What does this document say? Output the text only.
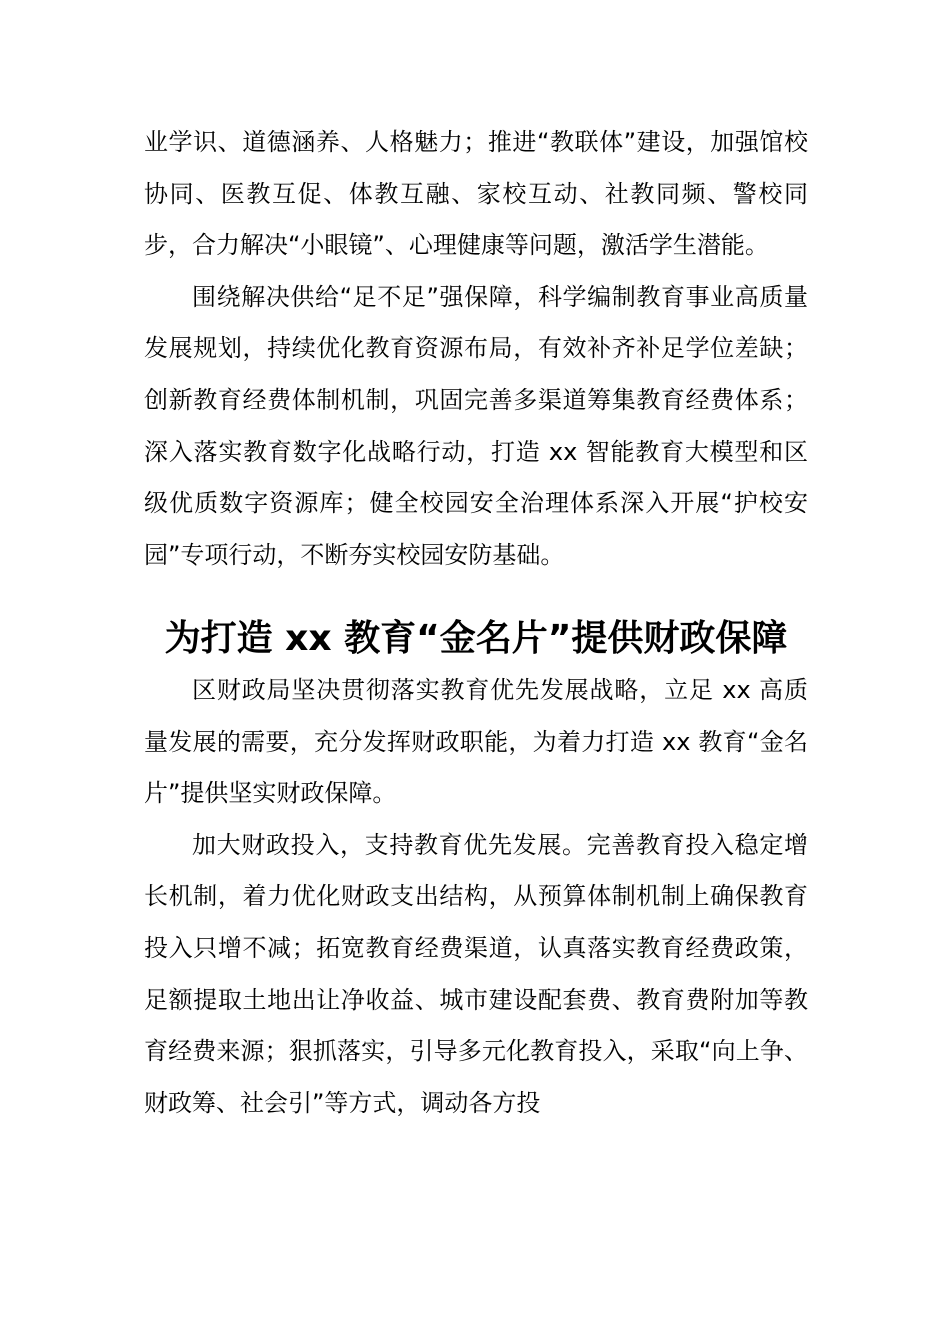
业学识、道德涵养、人格魅力；推进“教联体”建设，加强馆校协同、医教互促、体教互融、家校互动、社教同频、警校同步，合力解决“小眼镜”、心理健康等问题，激活学生潜能。

围绕解决供给“足不足”强保障，科学编制教育事业高质量发展规划，持续优化教育资源布局，有效补齐补足学位差缺；创新教育经费体制机制，巩固完善多渠道筹集教育经费体系；深入落实教育数字化战略行动，打造 xx 智能教育大模型和区级优质数字资源库；健全校园安全治理体系深入开展“护校安园”专项行动，不断夯实校园安防基础。

为打造 xx 教育“金名片”提供财政保障

区财政局坚决贯彻落实教育优先发展战略，立足 xx 高质量发展的需要，充分发挥财政职能，为着力打造 xx 教育“金名片”提供坚实财政保障。

加大财政投入，支持教育优先发展。完善教育投入稳定增长机制，着力优化财政支出结构，从预算体制机制上确保教育投入只增不减；拓宽教育经费渠道，认真落实教育经费政策，足额提取土地出让净收益、城市建设配套费、教育费附加等教育经费来源；狠抓落实，引导多元化教育投入，采取“向上争、财政筹、社会引”等方式，调动各方投
